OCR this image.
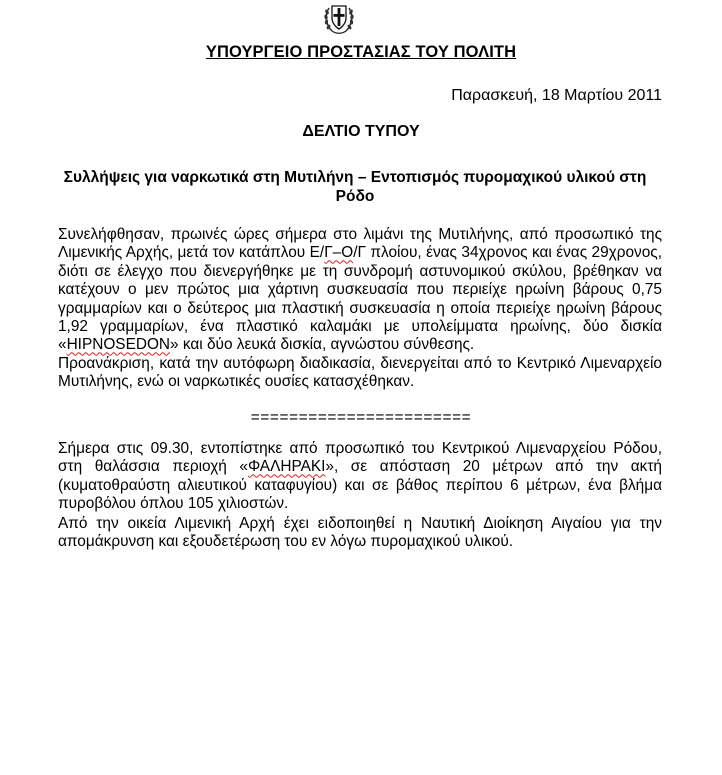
ΥΠΟΥΡΓΕΙΟ ΠΡΟΣΤΑΣΙΑΣ ΤΟΥ ΠΟΛΙΤΗ
Παρασκευή, 18 Μαρτίου 2011
ΔΕΛΤΙΟ ΤΥΠΟΥ
Συλλήψεις για ναρκωτικά στη Μυτιλήνη – Εντοπισμός πυρομαχικού υλικού στη Ρόδο
Συνελήφθησαν, πρωινές ώρες σήμερα στο λιμάνι της Μυτιλήνης, από προσωπικό της Λιμενικής Αρχής, μετά τον κατάπλου Ε/Γ–Ο/Γ πλοίου, ένας 34χρονος και ένας 29χρονος, διότι σε έλεγχο που διενεργήθηκε με τη συνδρομή αστυνομικού σκύλου, βρέθηκαν να κατέχουν ο μεν πρώτος μια χάρτινη συσκευασία που περιείχε ηρωίνη βάρους 0,75 γραμμαρίων και ο δεύτερος μια πλαστική συσκευασία η οποία περιείχε ηρωίνη βάρους 1,92 γραμμαρίων, ένα πλαστικό καλαμάκι με υπολείμματα ηρωίνης, δύο δισκία «HIPNOSEDON» και δύο λευκά δισκία, αγνώστου σύνθεσης.
Προανάκριση, κατά την αυτόφωρη διαδικασία, διενεργείται από το Κεντρικό Λιμεναρχείο Μυτιλήνης, ενώ οι ναρκωτικές ουσίες κατασχέθηκαν.
=======================
Σήμερα στις 09.30, εντοπίστηκε από προσωπικό του Κεντρικού Λιμεναρχείου Ρόδου, στη θαλάσσια περιοχή «ΦΑΛΗΡΑΚΙ», σε απόσταση 20 μέτρων από την ακτή (κυματοθραύστη αλιευτικού καταφυγίου) και σε βάθος περίπου 6 μέτρων, ένα βλήμα πυροβόλου όπλου 105 χιλιοστών.
Από την οικεία Λιμενική Αρχή έχει ειδοποιηθεί η Ναυτική Διοίκηση Αιγαίου για την απομάκρυνση και εξουδετέρωση του εν λόγω πυρομαχικού υλικού.
